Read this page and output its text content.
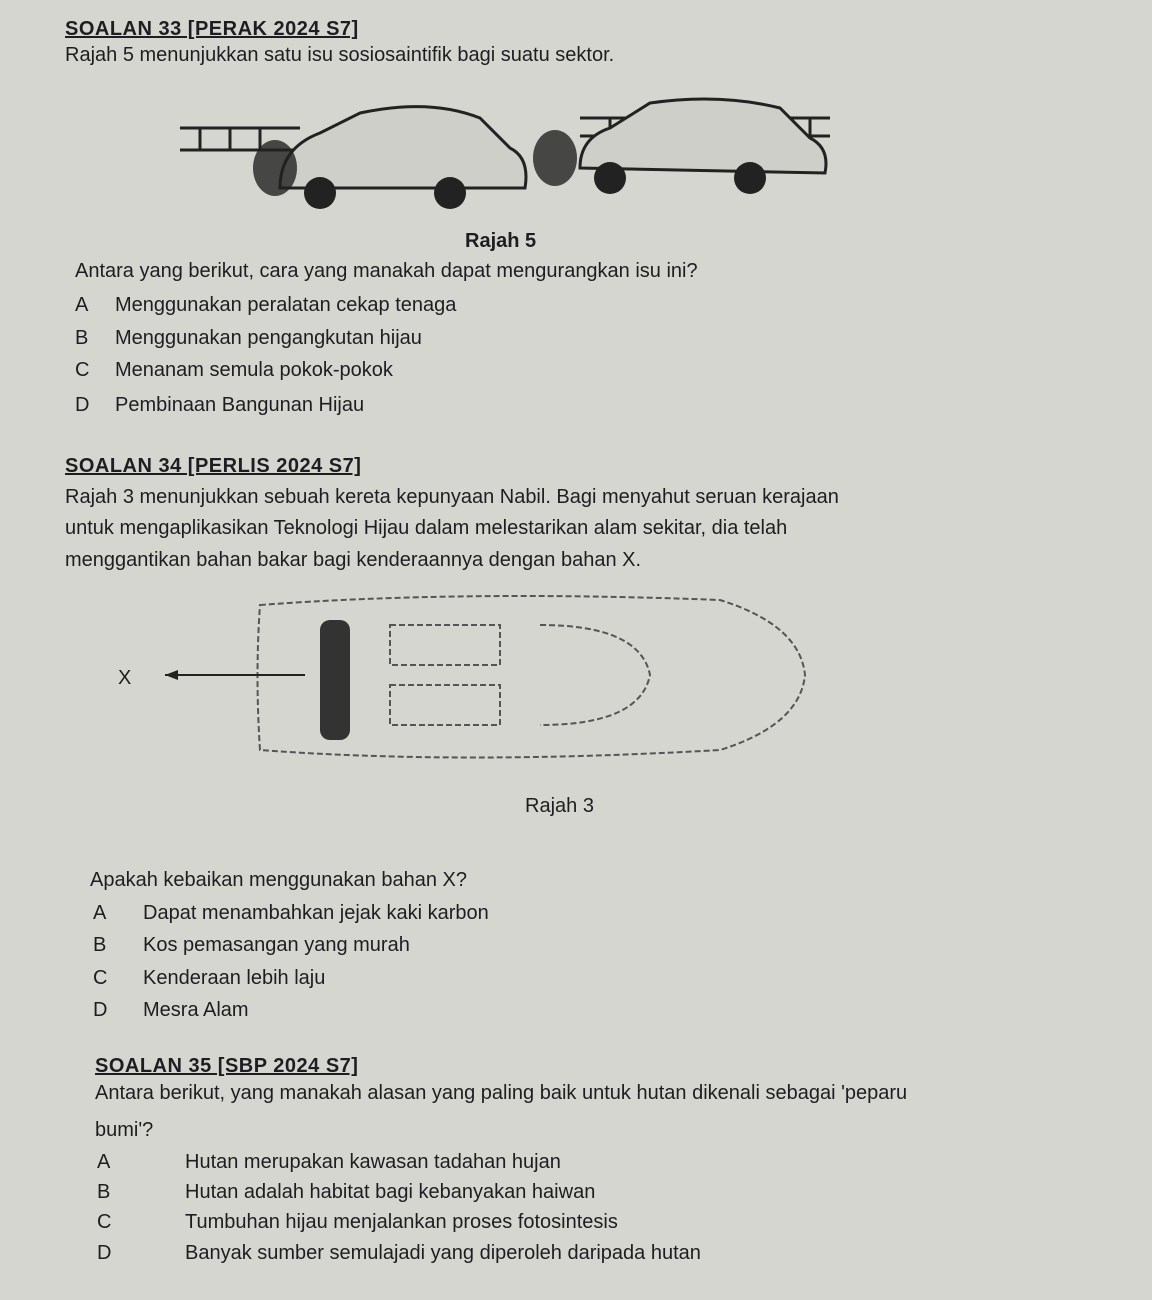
SOALAN 33 [PERAK 2024 S7]
Rajah 5 menunjukkan satu isu sosiosaintifik bagi suatu sektor.
Rajah 5
Antara yang berikut, cara yang manakah dapat mengurangkan isu ini?
A Menggunakan peralatan cekap tenaga
B Menggunakan pengangkutan hijau
C Menanam semula pokok-pokok
D Pembinaan Bangunan Hijau
SOALAN 34 [PERLIS 2024 S7]
Rajah 3 menunjukkan sebuah kereta kepunyaan Nabil. Bagi menyahut seruan kerajaan
untuk mengaplikasikan Teknologi Hijau dalam melestarikan alam sekitar, dia telah
menggantikan bahan bakar bagi kenderaannya dengan bahan X.
X
Rajah 3
Apakah kebaikan menggunakan bahan X?
A Dapat menambahkan jejak kaki karbon
B Kos pemasangan yang murah
C Kenderaan lebih laju
D Mesra Alam
SOALAN 35 [SBP 2024 S7]
Antara berikut, yang manakah alasan yang paling baik untuk hutan dikenali sebagai 'peparu
bumi'?
A	Hutan merupakan kawasan tadahan hujan
B	Hutan adalah habitat bagi kebanyakan haiwan
C	Tumbuhan hijau menjalankan proses fotosintesis
D	Banyak sumber semulajadi yang diperoleh daripada hutan
